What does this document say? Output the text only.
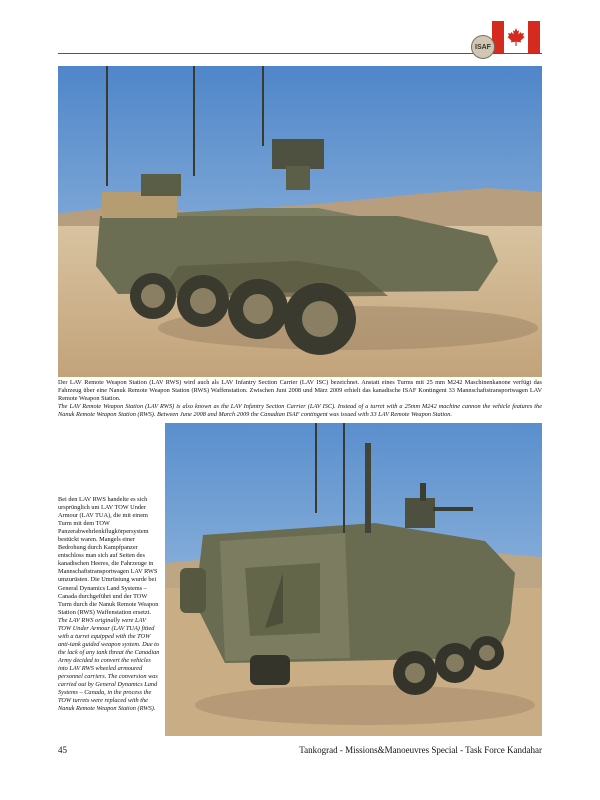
ISAF

Der LAV Remote Weapon Station (LAV RWS) wird auch als LAV Infantry Section Carrier (LAV ISC) bezeichnet. Anstatt eines Turms mit 25 mm M242 Maschinenkanone verfügt das Fahrzeug über eine Nanuk Remote Weapon Station (RWS) Waffenstation. Zwischen Juni 2008 und März 2009 erhielt das kanadische ISAF Kontingent 33 Mannschaftstransportwagen LAV Remote Weapon Station.

The LAV Remote Weapon Station (LAV RWS) is also known as the LAV Infantry Section Carrier (LAV ISC). Instead of a turret with a 25mm M242 machine cannon the vehicle features the Nanuk Remote Weapon Station (RWS). Between June 2008 and March 2009 the Canadian ISAF contingent was issued with 33 LAV Remote Weapon Station.

Bei den LAV RWS handelte es sich ursprünglich um LAV TOW Under Armour (LAV TUA), die mit einem Turm mit dem TOW Panzerabwehrlenkflugkörpersystem bestückt waren. Mangels einer Bedrohung durch Kampfpanzer entschloss man sich auf Seiten des kanadischen Heeres, die Fahrzeuge in Mannschaftstransportwagen LAV RWS umzurüsten. Die Umrüstung wurde bei General Dynamics Land Systems – Canada durchgeführt und der TOW Turm durch die Nanuk Remote Weapon Station (RWS) Waffenstation ersetzt.

The LAV RWS originally were LAV TOW Under Armour (LAV TUA) fitted with a turret equipped with the TOW anti-tank guided weapon system. Due to the lack of any tank threat the Canadian Army decided to convert the vehicles into LAV RWS wheeled armoured personnel carriers. The conversion was carried out by General Dynamics Land Systems – Canada, in the process the TOW turrets were replaced with the Nanuk Remote Weapon Station (RWS).

45	Tankograd - Missions&Manoeuvres Special - Task Force Kandahar
